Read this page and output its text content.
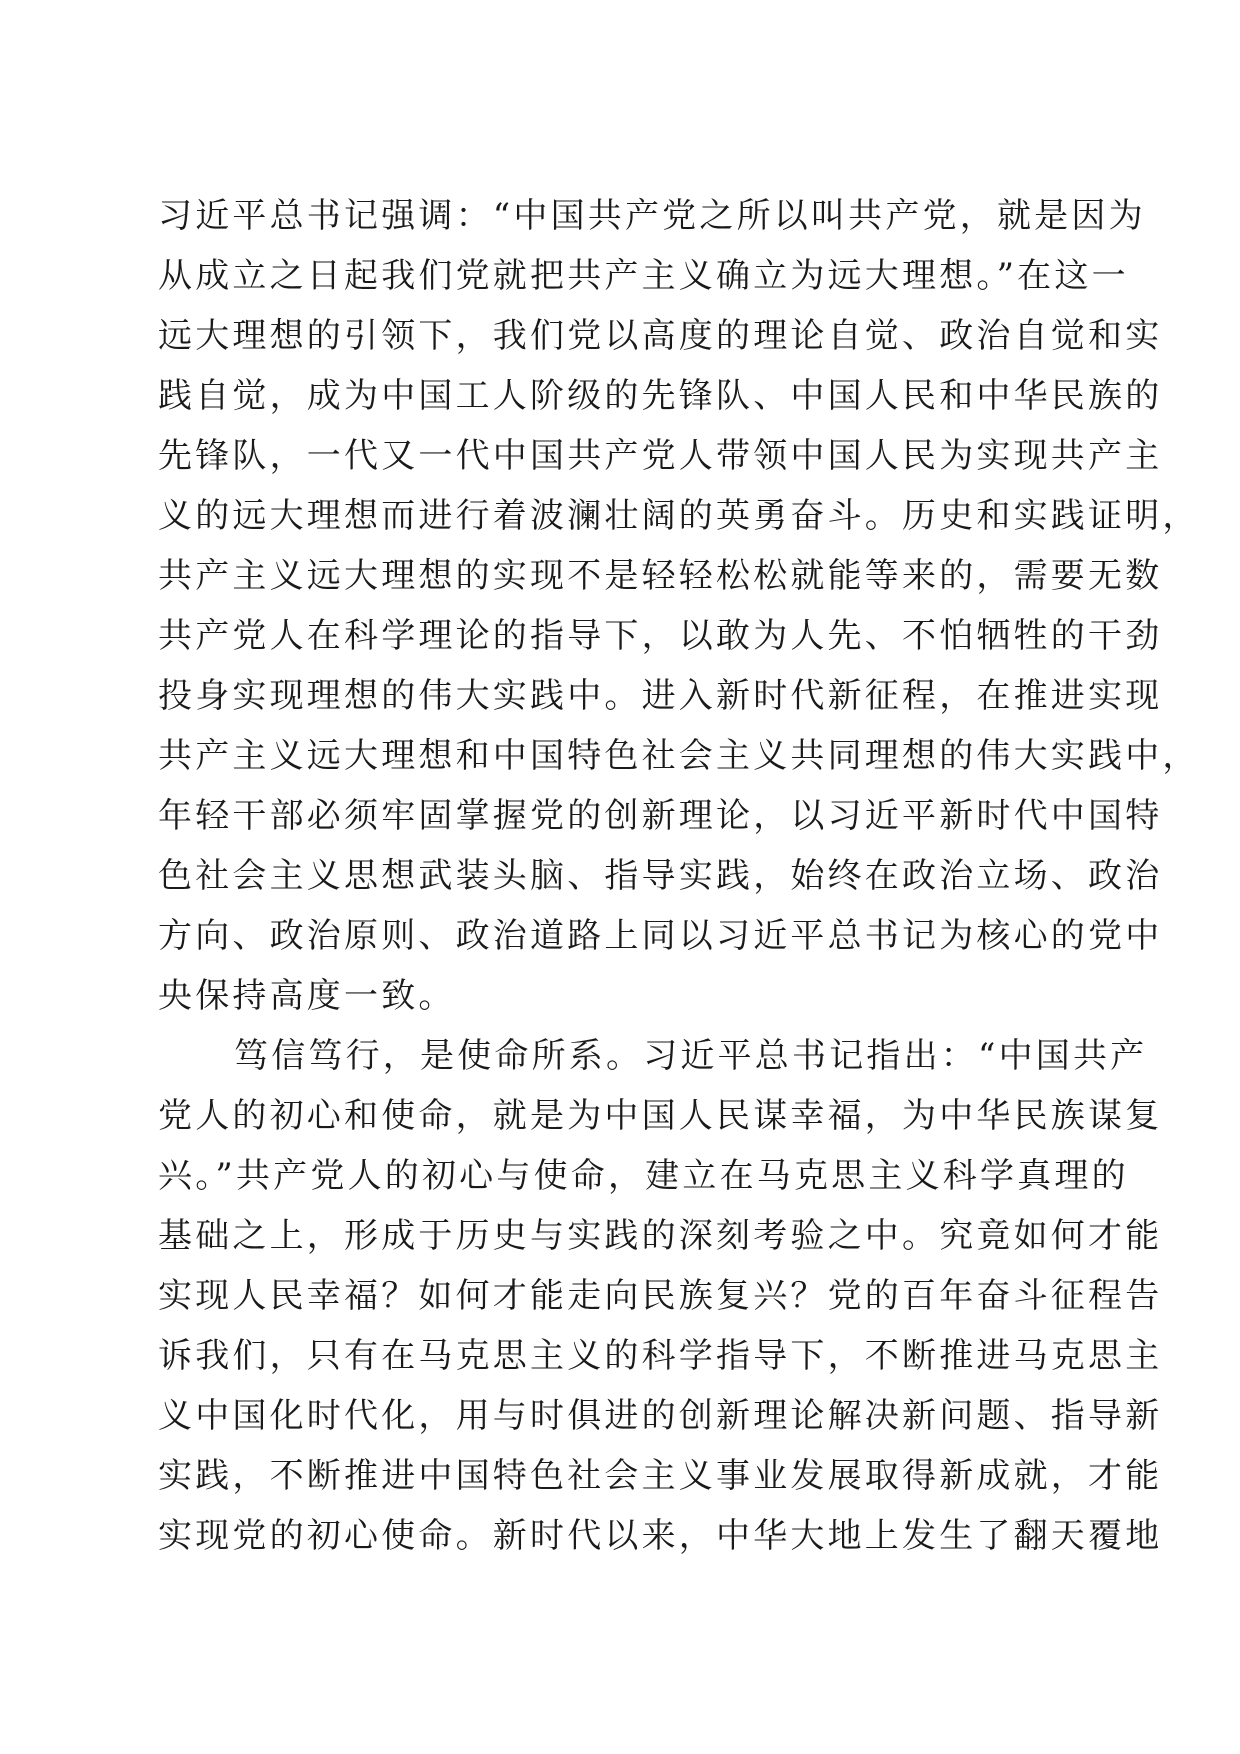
习近平总书记强调：“中国共产党之所以叫共产党，就是因为
从成立之日起我们党就把共产主义确立为远大理想。”在这一
远大理想的引领下，我们党以高度的理论自觉、政治自觉和实
践自觉，成为中国工人阶级的先锋队、中国人民和中华民族的
先锋队，一代又一代中国共产党人带领中国人民为实现共产主
义的远大理想而进行着波澜壮阔的英勇奋斗。历史和实践证明，
共产主义远大理想的实现不是轻轻松松就能等来的，需要无数
共产党人在科学理论的指导下，以敢为人先、不怕牺牲的干劲
投身实现理想的伟大实践中。进入新时代新征程，在推进实现
共产主义远大理想和中国特色社会主义共同理想的伟大实践中，
年轻干部必须牢固掌握党的创新理论，以习近平新时代中国特
色社会主义思想武装头脑、指导实践，始终在政治立场、政治
方向、政治原则、政治道路上同以习近平总书记为核心的党中
央保持高度一致。
笃信笃行，是使命所系。习近平总书记指出：“中国共产
党人的初心和使命，就是为中国人民谋幸福，为中华民族谋复
兴。”共产党人的初心与使命，建立在马克思主义科学真理的
基础之上，形成于历史与实践的深刻考验之中。究竟如何才能
实现人民幸福？如何才能走向民族复兴？党的百年奋斗征程告
诉我们，只有在马克思主义的科学指导下，不断推进马克思主
义中国化时代化，用与时俱进的创新理论解决新问题、指导新
实践，不断推进中国特色社会主义事业发展取得新成就，才能
实现党的初心使命。新时代以来，中华大地上发生了翻天覆地
